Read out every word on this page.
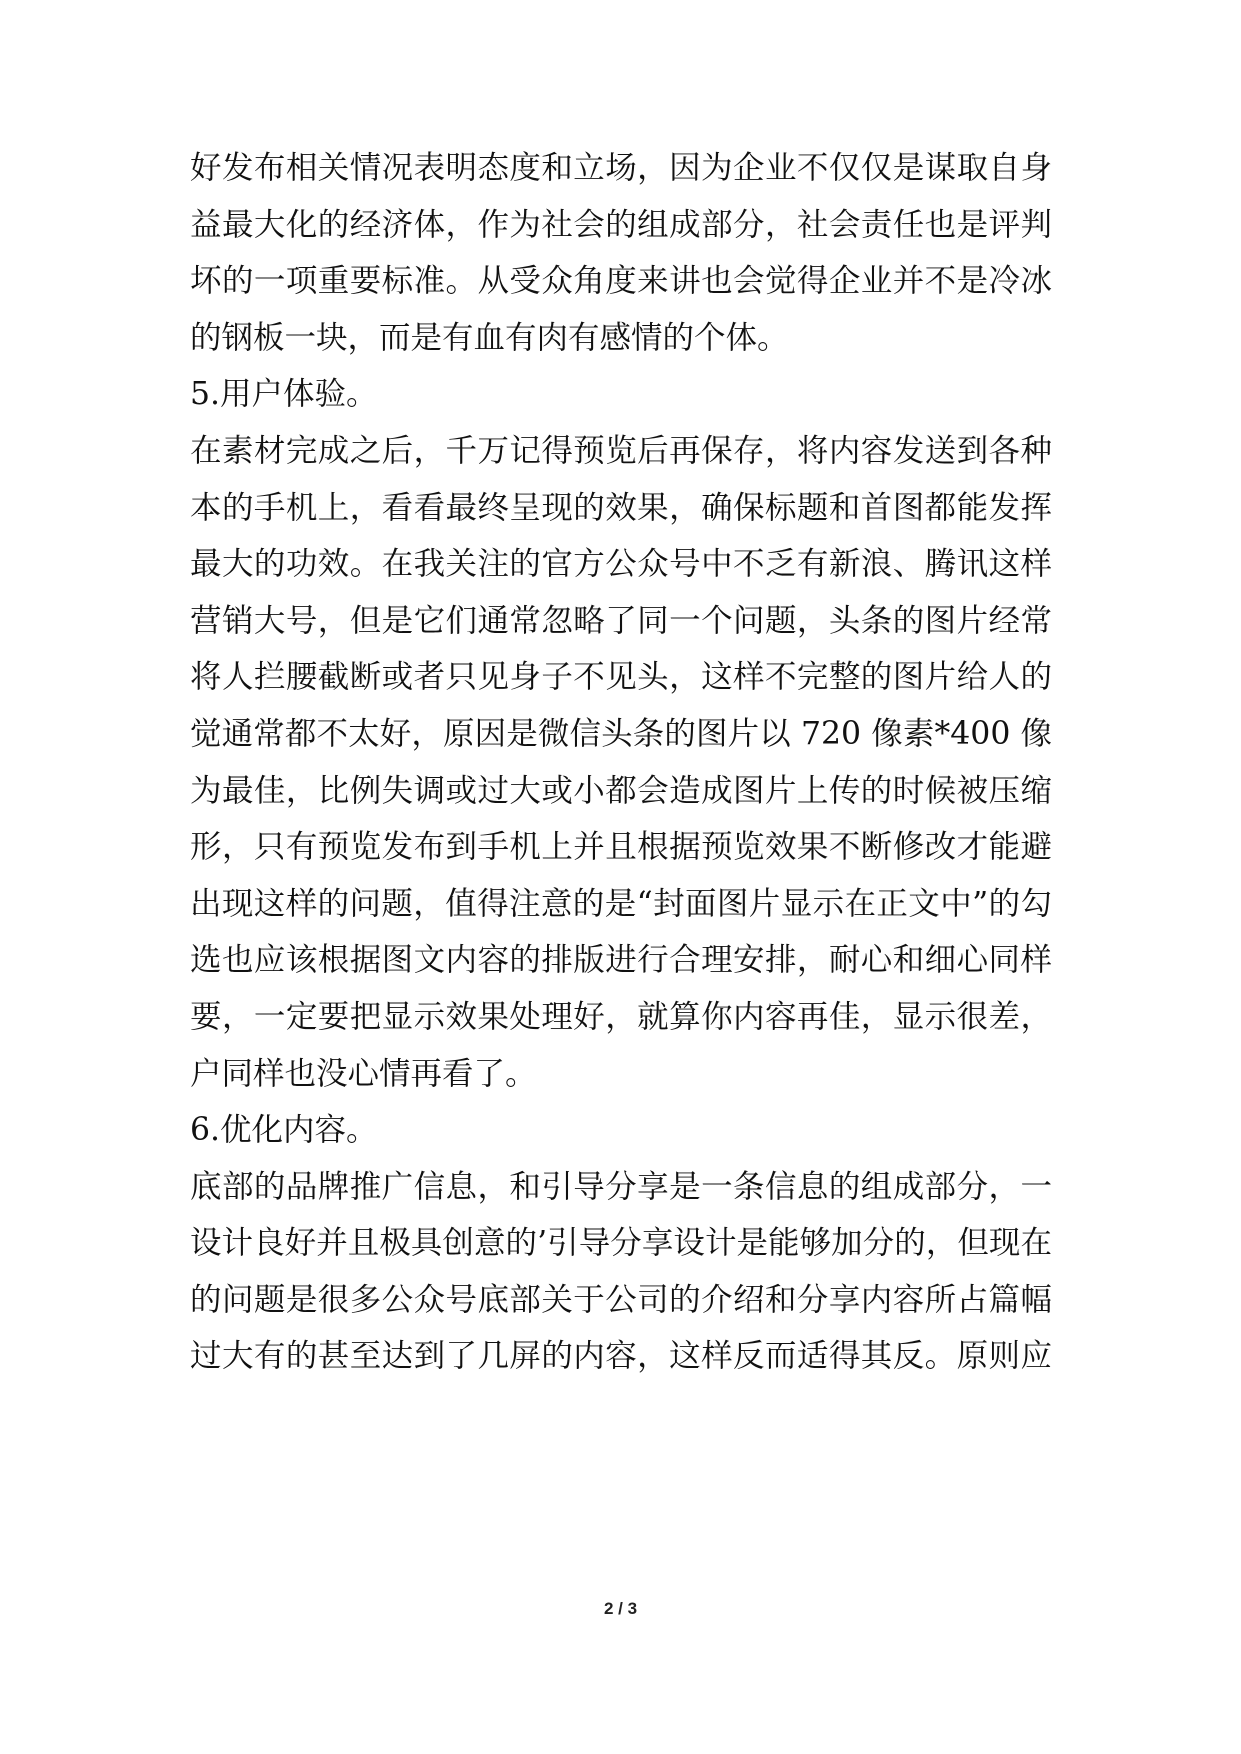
好发布相关情况表明态度和立场，因为企业不仅仅是谋取自身
益最大化的经济体，作为社会的组成部分，社会责任也是评判
坏的一项重要标准。从受众角度来讲也会觉得企业并不是冷冰
的钢板一块，而是有血有肉有感情的个体。
5.用户体验。
在素材完成之后，千万记得预览后再保存，将内容发送到各种
本的手机上，看看最终呈现的效果，确保标题和首图都能发挥
最大的功效。在我关注的官方公众号中不乏有新浪、腾讯这样
营销大号，但是它们通常忽略了同一个问题，头条的图片经常
将人拦腰截断或者只见身子不见头，这样不完整的图片给人的
觉通常都不太好，原因是微信头条的图片以 720 像素*400 像
为最佳，比例失调或过大或小都会造成图片上传的时候被压缩
形，只有预览发布到手机上并且根据预览效果不断修改才能避
出现这样的问题，值得注意的是“封面图片显示在正文中”的勾
选也应该根据图文内容的排版进行合理安排，耐心和细心同样
要，一定要把显示效果处理好，就算你内容再佳，显示很差，
户同样也没心情再看了。
6.优化内容。
底部的品牌推广信息，和引导分享是一条信息的组成部分，一
设计良好并且极具创意的’引导分享设计是能够加分的，但现在
的问题是很多公众号底部关于公司的介绍和分享内容所占篇幅
过大有的甚至达到了几屏的内容，这样反而适得其反。原则应
2 / 3
